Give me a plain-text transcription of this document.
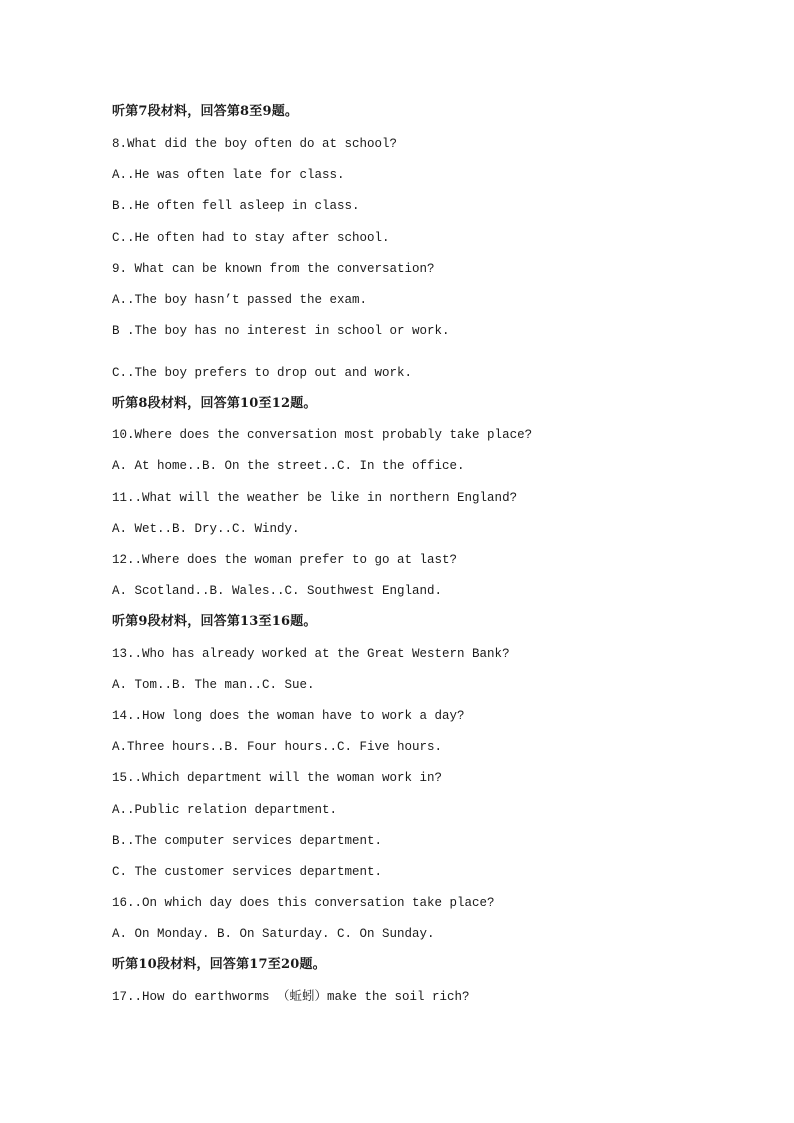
听第7段材料，回答第8至9题。

8.What did the boy often do at school?

A..He was often late for class.

B..He often fell asleep in class.

C..He often had to stay after school.

9. What can be known from the conversation?

A..The boy hasn’t passed the exam.

B .The boy has no interest in school or work.

C..The boy prefers to drop out and work.

听第8段材料，回答第10至12题。

10.Where does the conversation most probably take place?

A. At home..B. On the street..C. In the office.

11..What will the weather be like in northern England?

A. Wet..B. Dry..C. Windy.

12..Where does the woman prefer to go at last?

A. Scotland..B. Wales..C. Southwest England.

听第9段材料，回答第13至16题。

13..Who has already worked at the Great Western Bank?

A. Tom..B. The man..C. Sue.

14..How long does the woman have to work a day?

A.Three hours..B. Four hours..C. Five hours.

15..Which department will the woman work in?

A..Public relation department.

B..The computer services department.

C. The customer services department.

16..On which day does this conversation take place?

A. On Monday. B. On Saturday. C. On Sunday.

听第10段材料，回答第17至20题。

17..How do earthworms （蚯蚓）make the soil rich?
